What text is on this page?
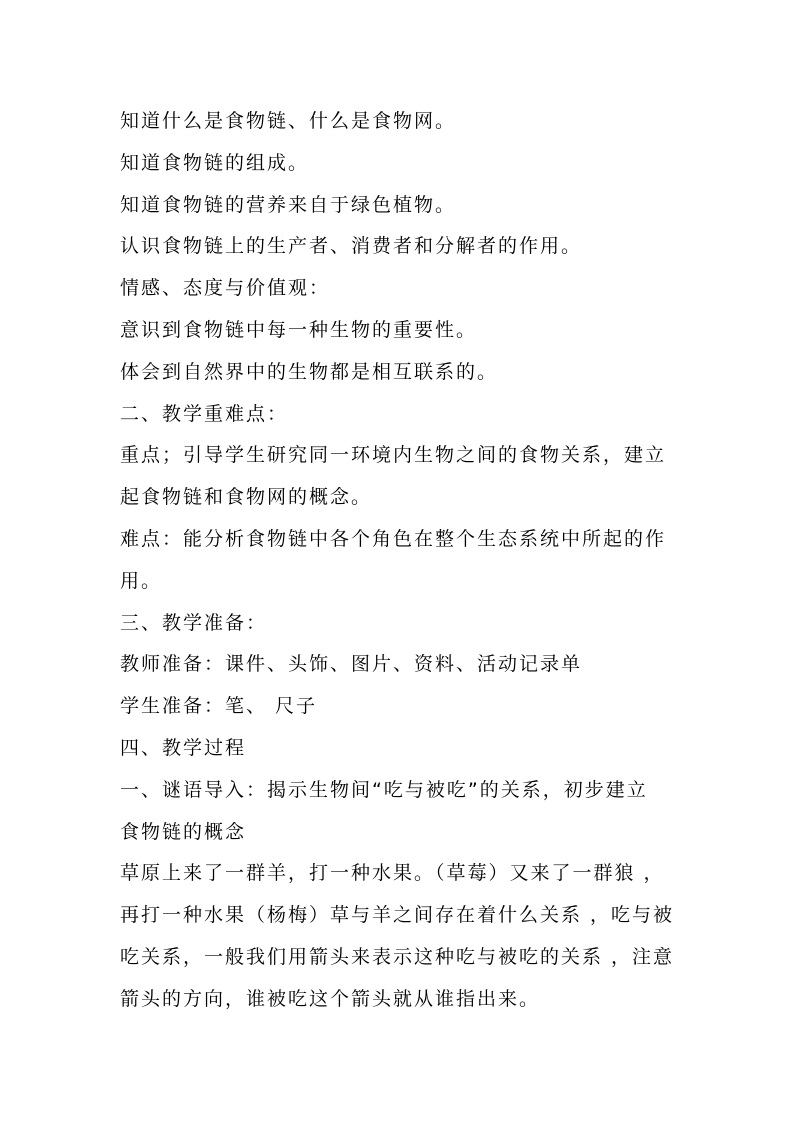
知道什么是食物链、什么是食物网。
知道食物链的组成。
知道食物链的营养来自于绿色植物。
认识食物链上的生产者、消费者和分解者的作用。
情感、态度与价值观：
意识到食物链中每一种生物的重要性。
体会到自然界中的生物都是相互联系的。
二、教学重难点：
重点；引导学生研究同一环境内生物之间的食物关系，建立
起食物链和食物网的概念。
难点：能分析食物链中各个角色在整个生态系统中所起的作
用。
三、教学准备：
教师准备：课件、头饰、图片、资料、活动记录单
学生准备：笔、 尺子
四、教学过程
一、谜语导入：揭示生物间“吃与被吃”的关系，初步建立
食物链的概念
草原上来了一群羊，打一种水果。（草莓）又来了一群狼 ，
再打一种水果（杨梅）草与羊之间存在着什么关系 ，吃与被
吃关系，一般我们用箭头来表示这种吃与被吃的关系 ，注意
箭头的方向，谁被吃这个箭头就从谁指出来。
